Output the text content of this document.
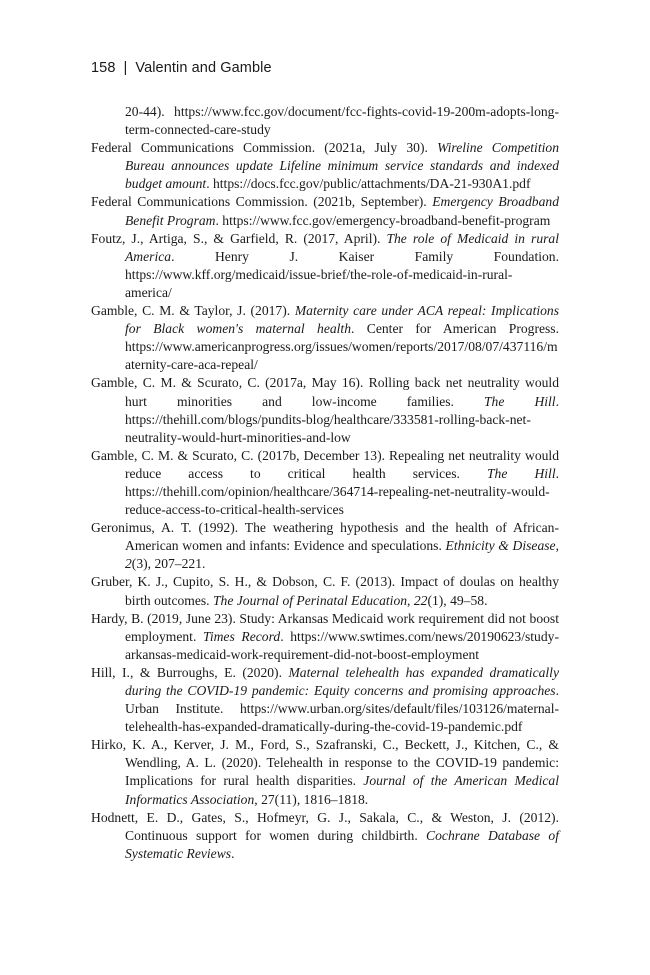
158 | Valentin and Gamble

20-44). https://www.fcc.gov/document/fcc-fights-covid-19-200m-adopts-long-term-connected-care-study

Federal Communications Commission. (2021a, July 30). Wireline Competition Bureau announces update Lifeline minimum service standards and indexed budget amount. https://docs.fcc.gov/public/attachments/DA-21-930A1.pdf

Federal Communications Commission. (2021b, September). Emergency Broadband Benefit Program. https://www.fcc.gov/emergency-broadband-benefit-program

Foutz, J., Artiga, S., & Garfield, R. (2017, April). The role of Medicaid in rural America. Henry J. Kaiser Family Foundation. https://www.kff.org/medicaid/issue-brief/the-role-of-medicaid-in-rural-america/

Gamble, C. M. & Taylor, J. (2017). Maternity care under ACA repeal: Implications for Black women's maternal health. Center for American Progress. https://www.americanprogress.org/issues/women/reports/2017/08/07/437116/maternity-care-aca-repeal/

Gamble, C. M. & Scurato, C. (2017a, May 16). Rolling back net neutrality would hurt minorities and low-income families. The Hill. https://thehill.com/blogs/pundits-blog/healthcare/333581-rolling-back-net-neutrality-would-hurt-minorities-and-low

Gamble, C. M. & Scurato, C. (2017b, December 13). Repealing net neutrality would reduce access to critical health services. The Hill. https://thehill.com/opinion/healthcare/364714-repealing-net-neutrality-would-reduce-access-to-critical-health-services

Geronimus, A. T. (1992). The weathering hypothesis and the health of African-American women and infants: Evidence and speculations. Ethnicity & Disease, 2(3), 207–221.

Gruber, K. J., Cupito, S. H., & Dobson, C. F. (2013). Impact of doulas on healthy birth outcomes. The Journal of Perinatal Education, 22(1), 49–58.

Hardy, B. (2019, June 23). Study: Arkansas Medicaid work requirement did not boost employment. Times Record. https://www.swtimes.com/news/20190623/study-arkansas-medicaid-work-requirement-did-not-boost-employment

Hill, I., & Burroughs, E. (2020). Maternal telehealth has expanded dramatically during the COVID-19 pandemic: Equity concerns and promising approaches. Urban Institute. https://www.urban.org/sites/default/files/103126/maternal-telehealth-has-expanded-dramatically-during-the-covid-19-pandemic.pdf

Hirko, K. A., Kerver, J. M., Ford, S., Szafranski, C., Beckett, J., Kitchen, C., & Wendling, A. L. (2020). Telehealth in response to the COVID-19 pandemic: Implications for rural health disparities. Journal of the American Medical Informatics Association, 27(11), 1816–1818.

Hodnett, E. D., Gates, S., Hofmeyr, G. J., Sakala, C., & Weston, J. (2012). Continuous support for women during childbirth. Cochrane Database of Systematic Reviews.
